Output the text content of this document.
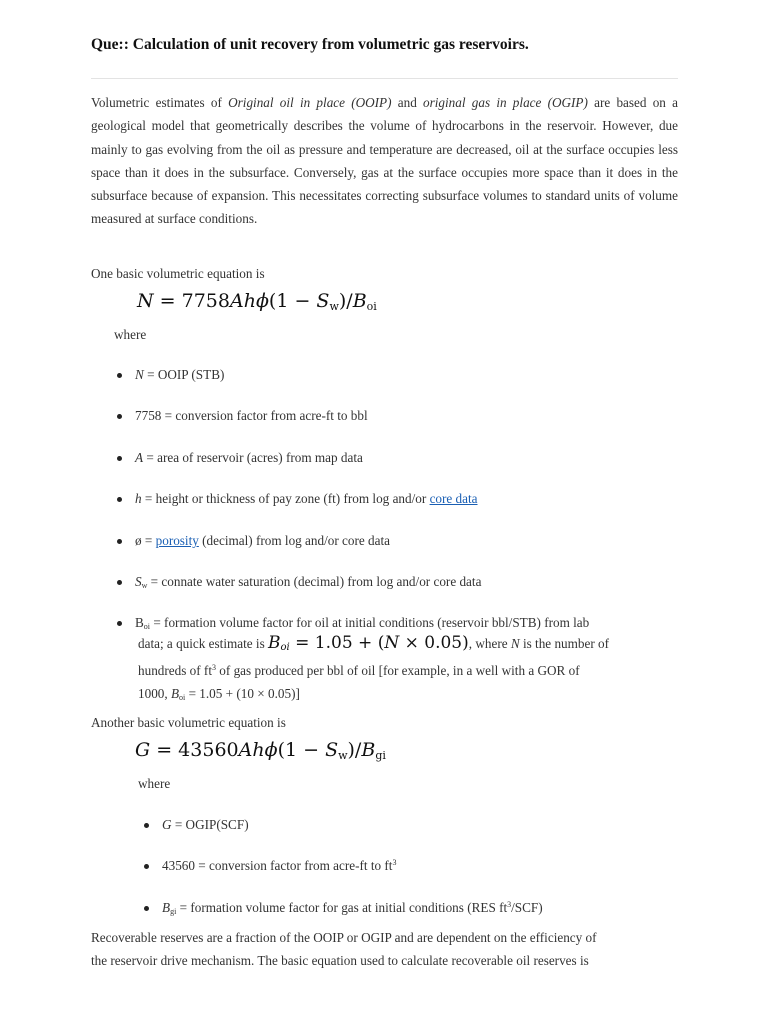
Que:: Calculation of unit recovery from volumetric gas reservoirs.

Volumetric estimates of Original oil in place (OOIP) and original gas in place (OGIP) are based on a geological model that geometrically describes the volume of hydrocarbons in the reservoir. However, due mainly to gas evolving from the oil as pressure and temperature are decreased, oil at the surface occupies less space than it does in the subsurface. Conversely, gas at the surface occupies more space than it does in the subsurface because of expansion. This necessitates correcting subsurface volumes to standard units of volume measured at surface conditions.

One basic volumetric equation is

$N = 7758Ah\phi(1 - S_w)/B_{oi}$

where

N = OOIP (STB)
7758 = conversion factor from acre-ft to bbl
A = area of reservoir (acres) from map data
h = height or thickness of pay zone (ft) from log and/or core data
ø = porosity (decimal) from log and/or core data
$S_w$ = connate water saturation (decimal) from log and/or core data
$B_{oi}$ = formation volume factor for oil at initial conditions (reservoir bbl/STB) from lab
data; a quick estimate is $B_{oi} = 1.05 + (N \times 0.05)$, where N is the number of
hundreds of $ft^3$ of gas produced per bbl of oil [for example, in a well with a GOR of
1000, $B_{oi} = 1.05 + (10 \times 0.05)$]

Another basic volumetric equation is

$G = 43560Ah\phi(1 - S_w)/B_{gi}$

where

G = OGIP(SCF)
43560 = conversion factor from acre-ft to $ft^3$
$B_{gi}$ = formation volume factor for gas at initial conditions (RES $ft^3/SCF$)

Recoverable reserves are a fraction of the OOIP or OGIP and are dependent on the efficiency of

the reservoir drive mechanism. The basic equation used to calculate recoverable oil reserves is
